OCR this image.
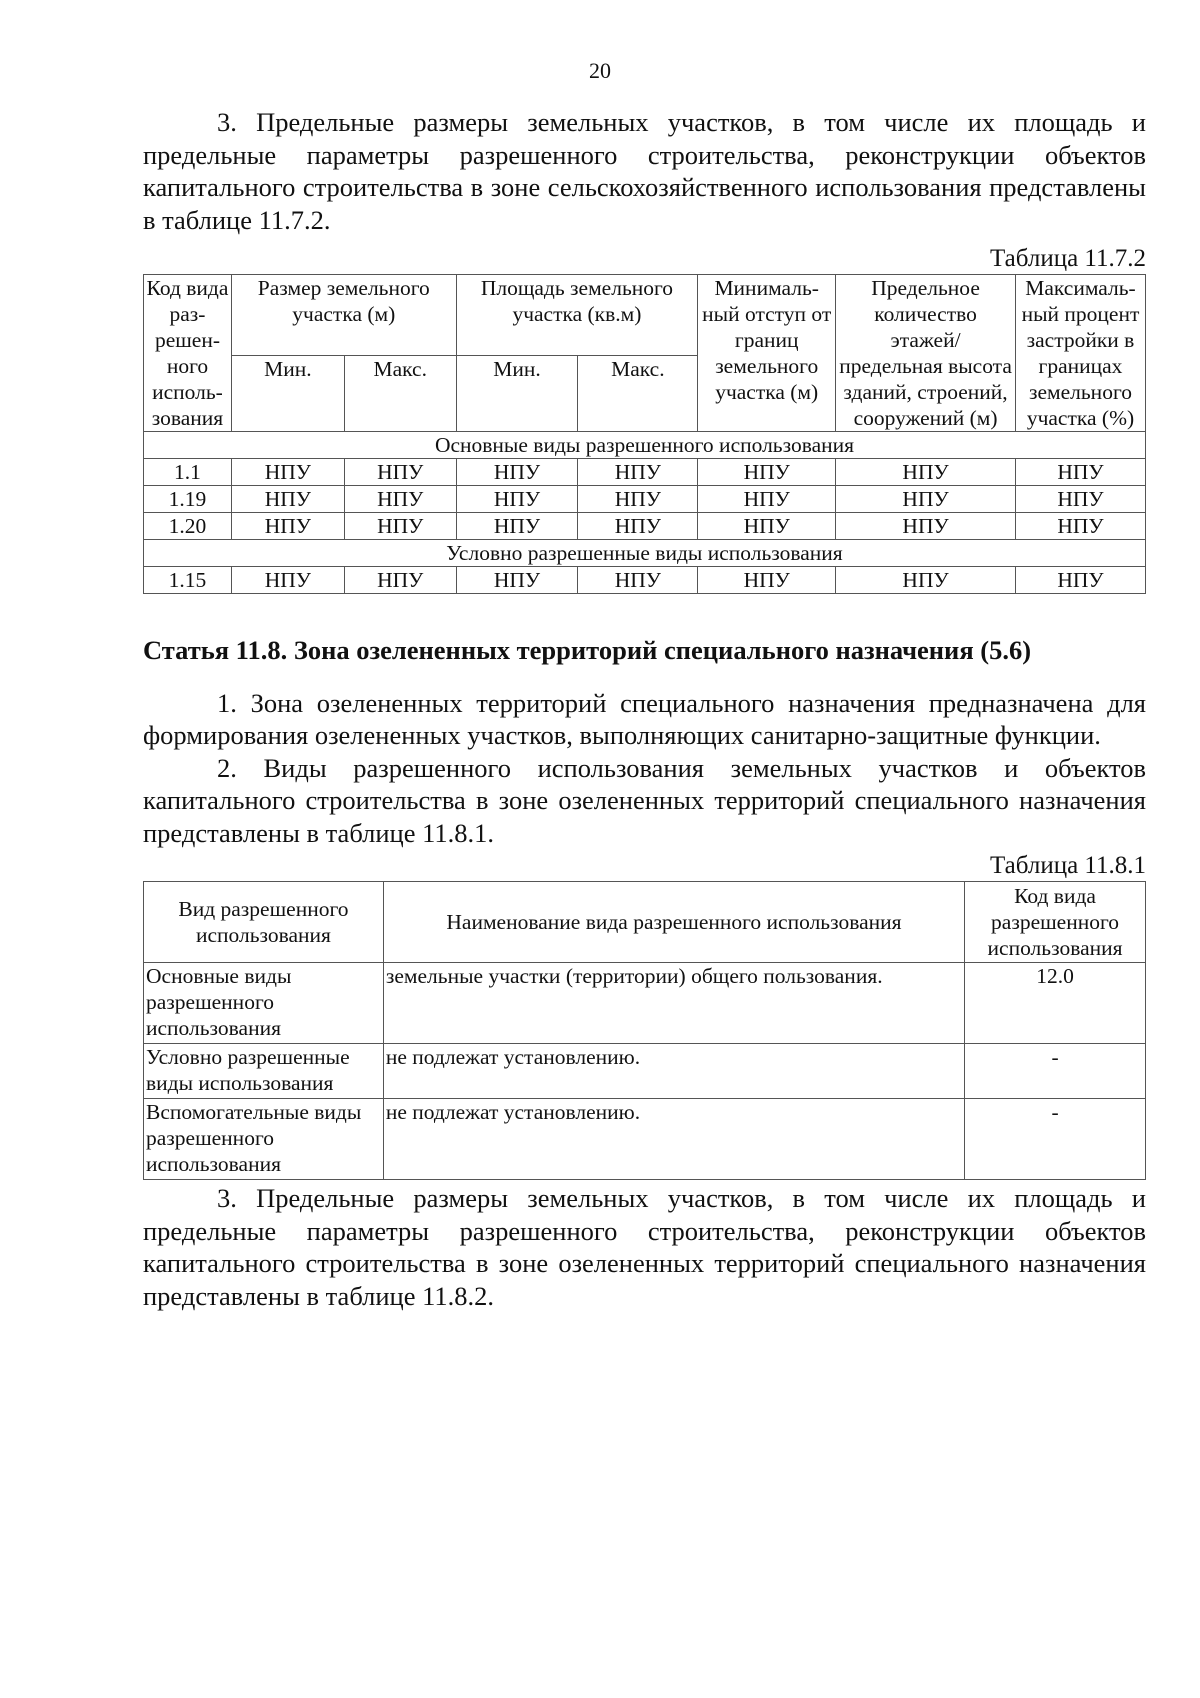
20

3. Предельные размеры земельных участков, в том числе их площадь и предельные параметры разрешенного строительства, реконструкции объектов капитального строительства в зоне сельскохозяйственного использования представлены в таблице 11.7.2.

Таблица 11.7.2

Код вида раз-решен-ного исполь-зования	Размер земельного участка (м)		Площадь земельного участка (кв.м)		Минималь-ный отступ от границ земельного участка (м)	Предельное количество этажей/ предельная высота зданий, строений, сооружений (м)	Максималь-ный процент застройки в границах земельного участка (%)
	Мин.	Макс.	Мин.	Макс.			
Основные виды разрешенного использования							
1.1	НПУ	НПУ	НПУ	НПУ	НПУ	НПУ	НПУ
1.19	НПУ	НПУ	НПУ	НПУ	НПУ	НПУ	НПУ
1.20	НПУ	НПУ	НПУ	НПУ	НПУ	НПУ	НПУ
Условно разрешенные виды использования							
1.15	НПУ	НПУ	НПУ	НПУ	НПУ	НПУ	НПУ

Статья 11.8. Зона озелененных территорий специального назначения (5.6)

1. Зона озелененных территорий специального назначения предназначена для формирования озелененных участков, выполняющих санитарно-защитные функции.

2. Виды разрешенного использования земельных участков и объектов капитального строительства в зоне озелененных территорий специального назначения представлены в таблице 11.8.1.

Таблица 11.8.1

Вид разрешенного использования	Наименование вида разрешенного использования	Код вида разрешенного использования
Основные виды разрешенного использования	земельные участки (территории) общего пользования.	12.0
Условно разрешенные виды использования	не подлежат установлению.	-
Вспомогательные виды разрешенного использования	не подлежат установлению.	-

3. Предельные размеры земельных участков, в том числе их площадь и предельные параметры разрешенного строительства, реконструкции объектов капитального строительства в зоне озелененных территорий специального назначения представлены в таблице 11.8.2.
